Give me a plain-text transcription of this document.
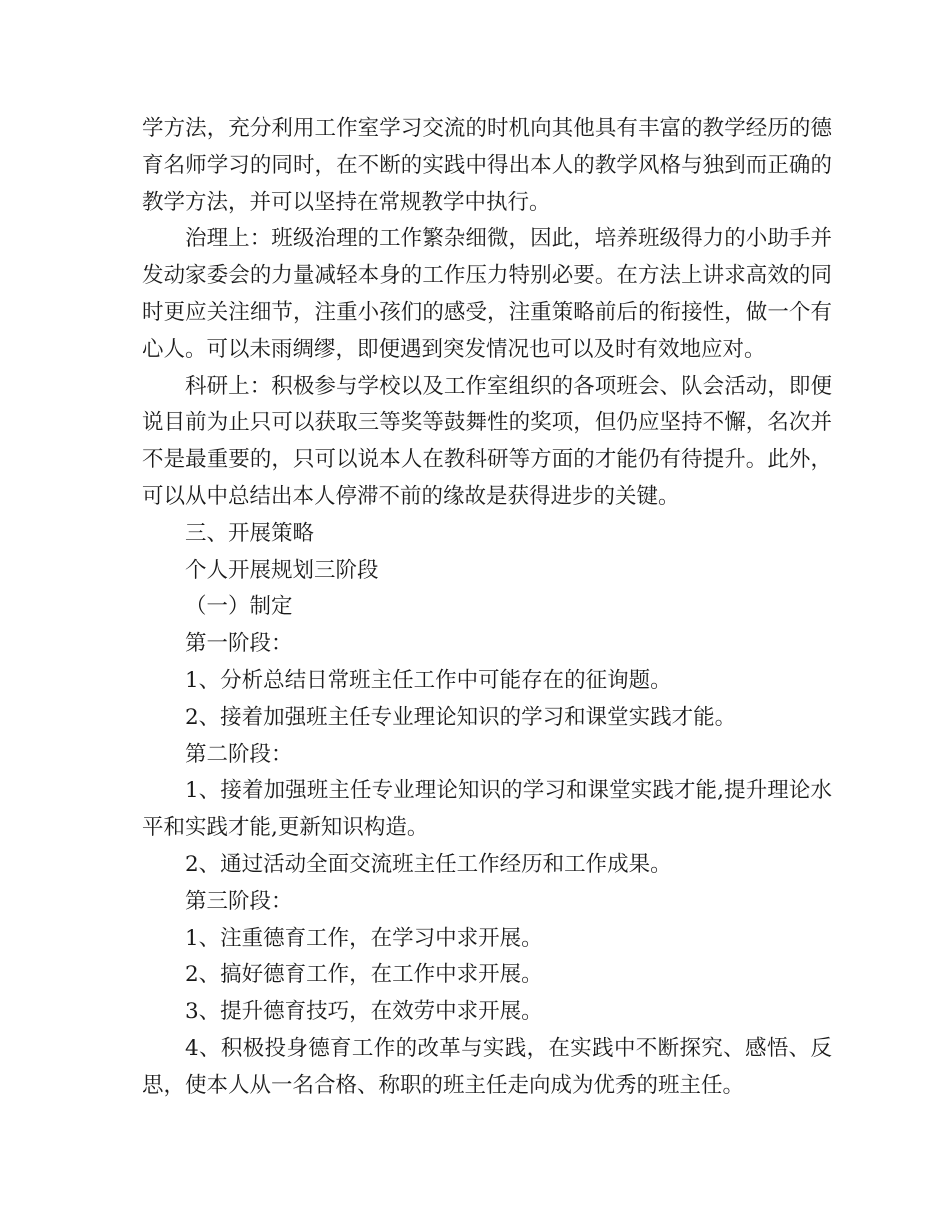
学方法，充分利用工作室学习交流的时机向其他具有丰富的教学经历的德育名师学习的同时，在不断的实践中得出本人的教学风格与独到而正确的教学方法，并可以坚持在常规教学中执行。

治理上：班级治理的工作繁杂细微，因此，培养班级得力的小助手并发动家委会的力量减轻本身的工作压力特别必要。在方法上讲求高效的同时更应关注细节，注重小孩们的感受，注重策略前后的衔接性，做一个有心人。可以未雨绸缪，即便遇到突发情况也可以及时有效地应对。

科研上：积极参与学校以及工作室组织的各项班会、队会活动，即便说目前为止只可以获取三等奖等鼓舞性的奖项，但仍应坚持不懈，名次并不是最重要的，只可以说本人在教科研等方面的才能仍有待提升。此外，可以从中总结出本人停滞不前的缘故是获得进步的关键。

三、开展策略

个人开展规划三阶段

（一）制定

第一阶段：

1、分析总结日常班主任工作中可能存在的征询题。

2、接着加强班主任专业理论知识的学习和课堂实践才能。

第二阶段：

1、接着加强班主任专业理论知识的学习和课堂实践才能,提升理论水平和实践才能,更新知识构造。

2、通过活动全面交流班主任工作经历和工作成果。

第三阶段：

1、注重德育工作，在学习中求开展。

2、搞好德育工作，在工作中求开展。

3、提升德育技巧，在效劳中求开展。

4、积极投身德育工作的改革与实践，在实践中不断探究、感悟、反思，使本人从一名合格、称职的班主任走向成为优秀的班主任。
